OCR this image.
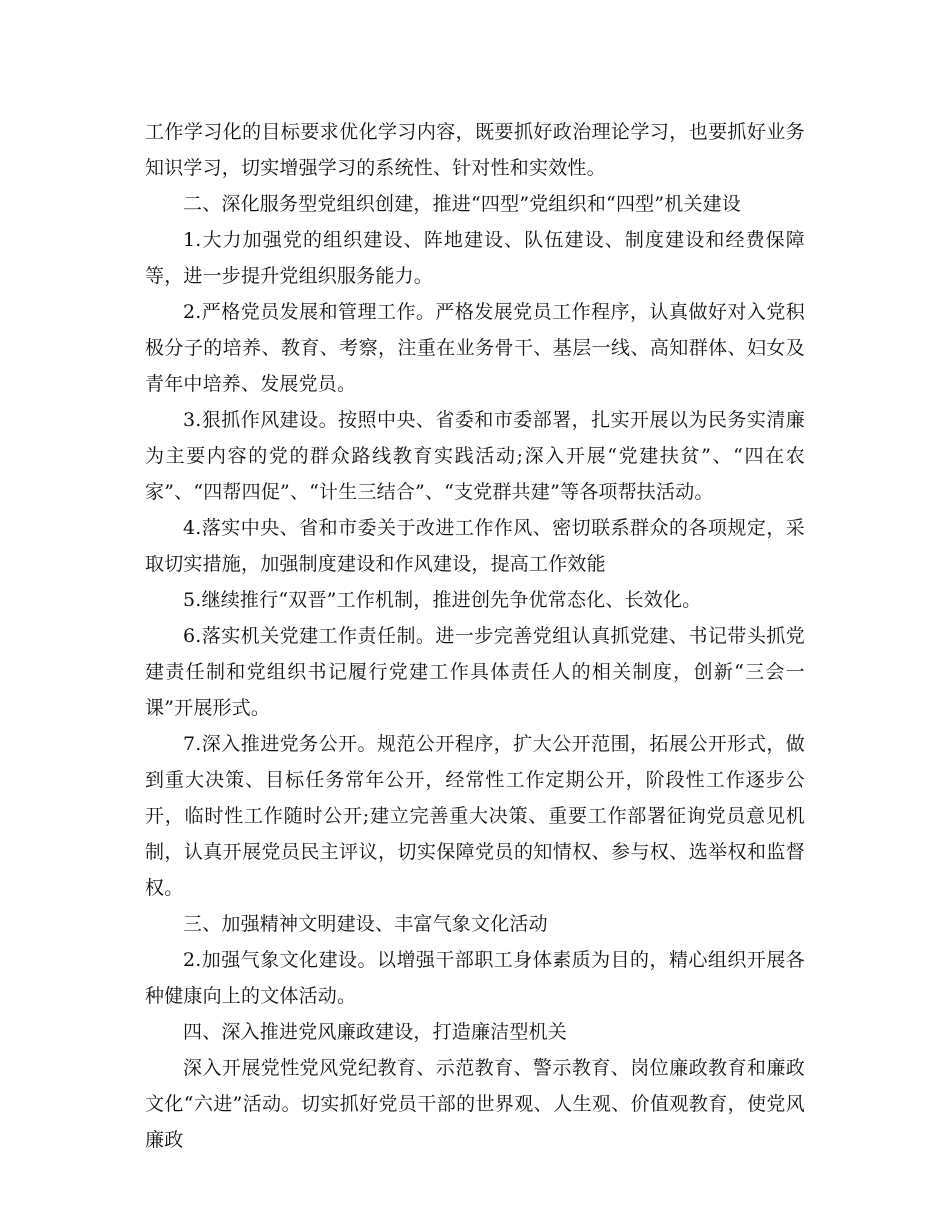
工作学习化的目标要求优化学习内容，既要抓好政治理论学习，也要抓好业务知识学习，切实增强学习的系统性、针对性和实效性。

二、深化服务型党组织创建，推进“四型”党组织和“四型”机关建设

1.大力加强党的组织建设、阵地建设、队伍建设、制度建设和经费保障等，进一步提升党组织服务能力。

2.严格党员发展和管理工作。严格发展党员工作程序，认真做好对入党积极分子的培养、教育、考察，注重在业务骨干、基层一线、高知群体、妇女及青年中培养、发展党员。

3.狠抓作风建设。按照中央、省委和市委部署，扎实开展以为民务实清廉为主要内容的党的群众路线教育实践活动;深入开展“党建扶贫”、“四在农家”、“四帮四促”、“计生三结合”、“支党群共建”等各项帮扶活动。

4.落实中央、省和市委关于改进工作作风、密切联系群众的各项规定，采取切实措施，加强制度建设和作风建设，提高工作效能

5.继续推行“双晋”工作机制，推进创先争优常态化、长效化。

6.落实机关党建工作责任制。进一步完善党组认真抓党建、书记带头抓党建责任制和党组织书记履行党建工作具体责任人的相关制度，创新“三会一课”开展形式。

7.深入推进党务公开。规范公开程序，扩大公开范围，拓展公开形式，做到重大决策、目标任务常年公开，经常性工作定期公开，阶段性工作逐步公开，临时性工作随时公开;建立完善重大决策、重要工作部署征询党员意见机制，认真开展党员民主评议，切实保障党员的知情权、参与权、选举权和监督权。

三、加强精神文明建设、丰富气象文化活动

2.加强气象文化建设。以增强干部职工身体素质为目的，精心组织开展各种健康向上的文体活动。

四、深入推进党风廉政建设，打造廉洁型机关

深入开展党性党风党纪教育、示范教育、警示教育、岗位廉政教育和廉政文化“六进”活动。切实抓好党员干部的世界观、人生观、价值观教育，使党风廉政
